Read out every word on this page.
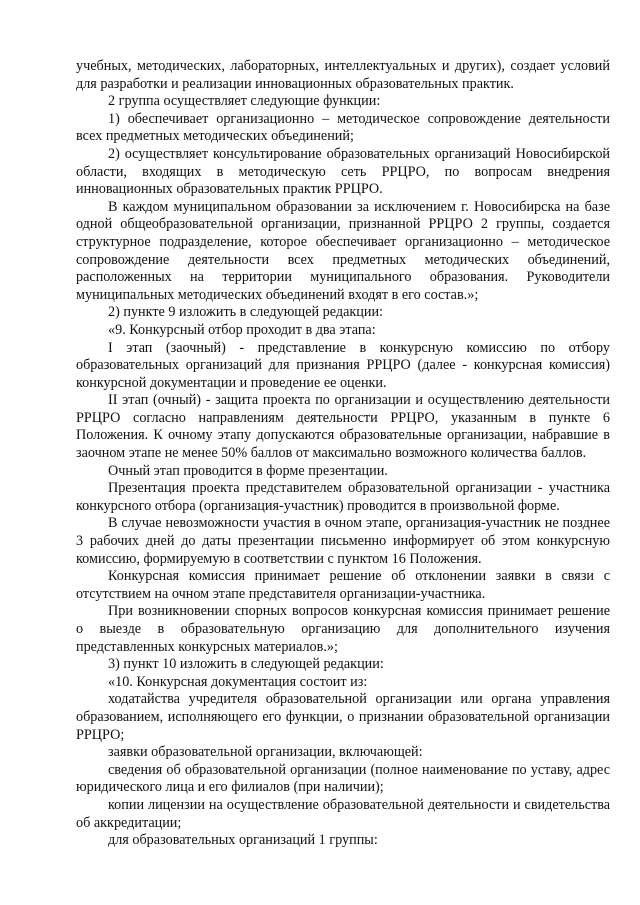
учебных, методических, лабораторных, интеллектуальных и других), создает условий для разработки и реализации инновационных образовательных практик.

2 группа осуществляет следующие функции:

1) обеспечивает организационно – методическое сопровождение деятельности всех предметных методических объединений;

2) осуществляет консультирование образовательных организаций Новосибирской области, входящих в методическую сеть РРЦРО, по вопросам внедрения инновационных образовательных практик РРЦРО.

В каждом муниципальном образовании за исключением г. Новосибирска на базе одной общеобразовательной организации, признанной РРЦРО 2 группы, создается структурное подразделение, которое обеспечивает организационно – методическое сопровождение деятельности всех предметных методических объединений, расположенных на территории муниципального образования. Руководители муниципальных методических объединений входят в его состав.»;

2) пункте 9 изложить в следующей редакции:

«9. Конкурсный отбор проходит в два этапа:

I этап (заочный) - представление в конкурсную комиссию по отбору образовательных организаций для признания РРЦРО (далее - конкурсная комиссия) конкурсной документации и проведение ее оценки.

II этап (очный) - защита проекта по организации и осуществлению деятельности РРЦРО согласно направлениям деятельности РРЦРО, указанным в пункте 6 Положения. К очному этапу допускаются образовательные организации, набравшие в заочном этапе не менее 50% баллов от максимально возможного количества баллов.

Очный этап проводится в форме презентации.

Презентация проекта представителем образовательной организации - участника конкурсного отбора (организация-участник) проводится в произвольной форме.

В случае невозможности участия в очном этапе, организация-участник не позднее 3 рабочих дней до даты презентации письменно информирует об этом конкурсную комиссию, формируемую в соответствии с пунктом 16 Положения.

Конкурсная комиссия принимает решение об отклонении заявки в связи с отсутствием на очном этапе представителя организации-участника.

При возникновении спорных вопросов конкурсная комиссия принимает решение о выезде в образовательную организацию для дополнительного изучения представленных конкурсных материалов.»;

3) пункт 10 изложить в следующей редакции:

«10. Конкурсная документация состоит из:

ходатайства учредителя образовательной организации или органа управления образованием, исполняющего его функции, о признании образовательной организации РРЦРО;

заявки образовательной организации, включающей:

сведения об образовательной организации (полное наименование по уставу, адрес юридического лица и его филиалов (при наличии);

копии лицензии на осуществление образовательной деятельности и свидетельства об аккредитации;

для образовательных организаций 1 группы:
